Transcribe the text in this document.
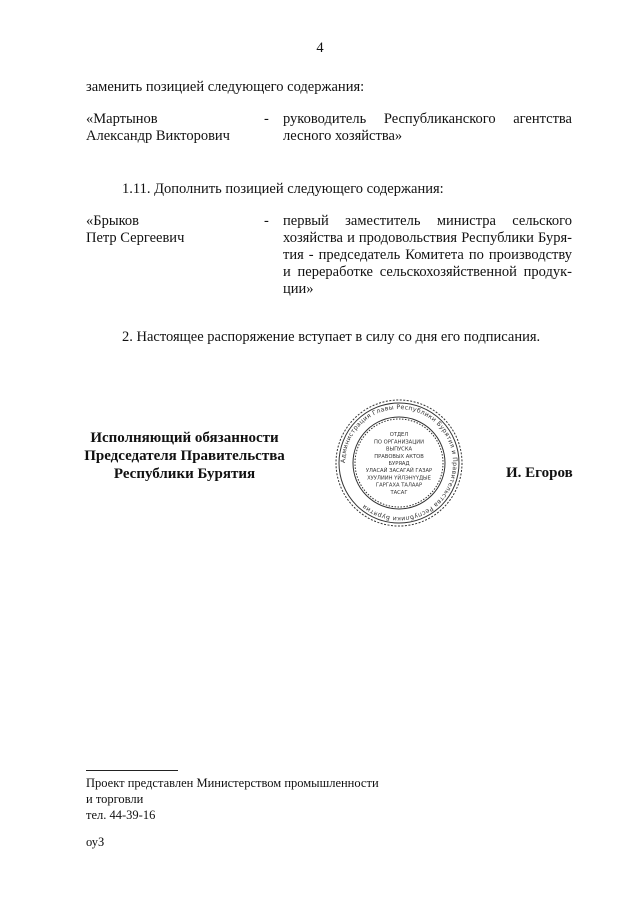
4
заменить позицией следующего содержания:
«Мартынов
Александр Викторович
- руководитель Республиканского агентства
лесного хозяйства»
1.11. Дополнить позицией следующего содержания:
«Брыков
Петр Сергеевич
- первый заместитель министра сельского
хозяйства и продовольствия Республики Буря-
тия - председатель Комитета по производству
и переработке сельскохозяйственной продук-
ции»
2. Настоящее распоряжение вступает в силу со дня его подписания.
Исполняющий обязанности
Председателя Правительства
Республики Бурятия
Администрация Главы Республики Бурятия и Правительства Республики Бурятия
ОТДЕЛ
ПО ОРГАНИЗАЦИИ
ВЫПУСКА
ПРАВОВЫХ АКТОВ
БУРЯАД
УЛАСАЙ ЗАСАГАЙ ГАЗАР
ХУУЛИИН ҮЙЛЭНҮҮДЫЕ
ГАРГАХА ТАЛААР
ТАСАГ
И. Егоров
Проект представлен Министерством промышленности
и торговли
тел. 44-39-16
оуЗ
